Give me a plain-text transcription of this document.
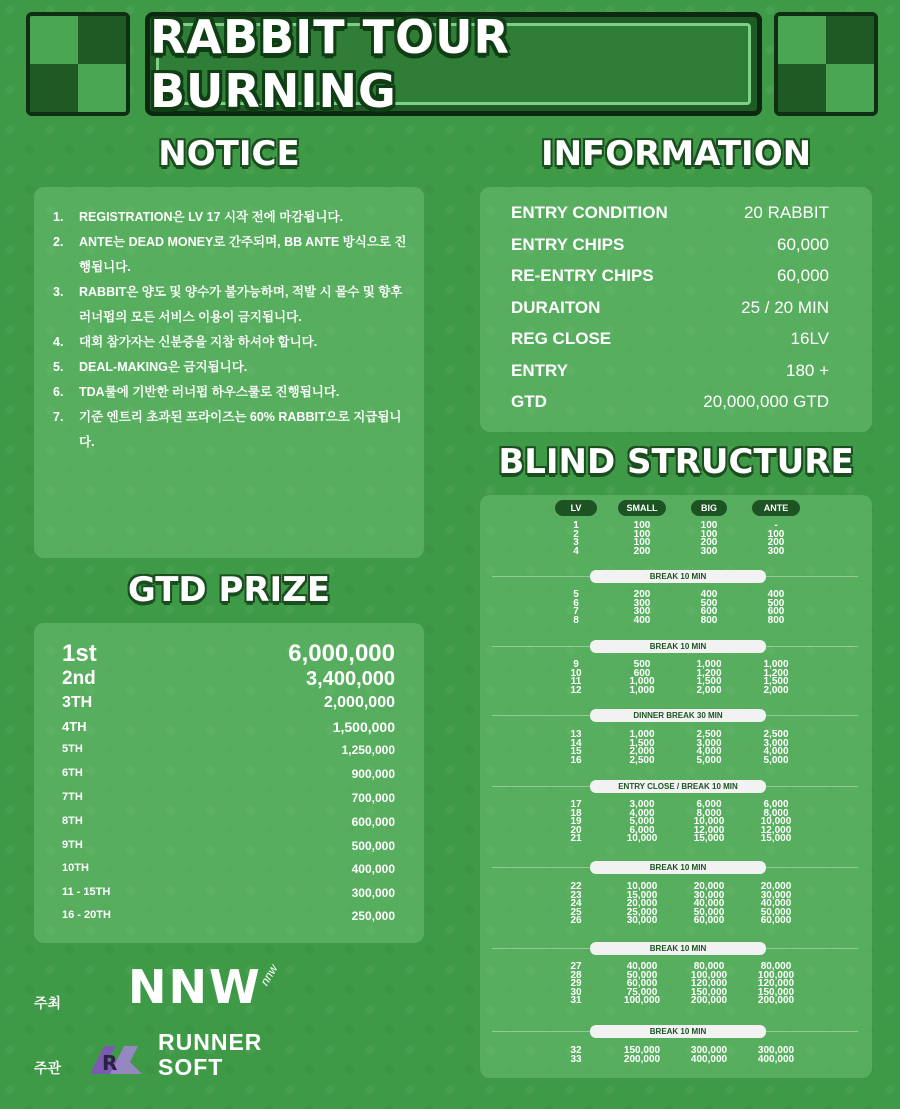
RABBIT TOUR BURNING
NOTICE	INFORMATION
GTD PRIZE
BLIND STRUCTURE
1.	REGISTRATION은 LV 17 시작 전에 마감됩니다.
2.	ANTE는 DEAD MONEY로 간주되며, BB ANTE 방식으로 진행됩니다.
3.	RABBIT은 양도 및 양수가 불가능하며, 적발 시 몰수 및 향후 러너펍의 모든 서비스 이용이 금지됩니다.
4.	대회 참가자는 신분증을 지참 하셔야 합니다.
5.	DEAL-MAKING은 금지됩니다.
6.	TDA룰에 기반한 러너펍 하우스룰로 진행됩니다.
7.	기준 엔트리 초과된 프라이즈는 60% RABBIT으로 지급됩니다.
ENTRY CONDITION	20 RABBIT
ENTRY CHIPS	60,000
RE-ENTRY CHIPS	60,000
DURAITON	25 / 20 MIN
REG CLOSE	16LV
ENTRY	180 +
GTD	20,000,000 GTD
1st	6,000,000
2nd	3,400,000
3TH	2,000,000
4TH	1,500,000
5TH	1,250,000
6TH	900,000
7TH	700,000
8TH	600,000
9TH	500,000
10TH	400,000
11 - 15TH	300,000
16 - 20TH	250,000
LV	SMALL	BIG	ANTE
1	100	100	-
2	100	100	100
3	100	200	200
4	200	300	300
BREAK 10 MIN
5	200	400	400
6	300	500	500
7	300	600	600
8	400	800	800
BREAK 10 MIN
9	500	1,000	1,000
10	600	1,200	1,200
11	1,000	1,500	1,500
12	1,000	2,000	2,000
DINNER BREAK 30 MIN
13	1,000	2,500	2,500
14	1,500	3,000	3,000
15	2,000	4,000	4,000
16	2,500	5,000	5,000
ENTRY CLOSE / BREAK 10 MIN
17	3,000	6,000	6,000
18	4,000	8,000	8,000
19	5,000	10,000	10,000
20	6,000	12,000	12,000
21	10,000	15,000	15,000
BREAK 10 MIN
22	10,000	20,000	20,000
23	15,000	30,000	30,000
24	20,000	40,000	40,000
25	25,000	50,000	50,000
26	30,000	60,000	60,000
BREAK 10 MIN
27	40,000	80,000	80,000
28	50,000	100,000	100,000
29	60,000	120,000	120,000
30	75,000	150,000	150,000
31	100,000	200,000	200,000
BREAK 10 MIN
32	150,000	300,000	300,000
33	200,000	400,000	400,000
주최 NNW
nnw
주관 R
RUNNER
SOFT
